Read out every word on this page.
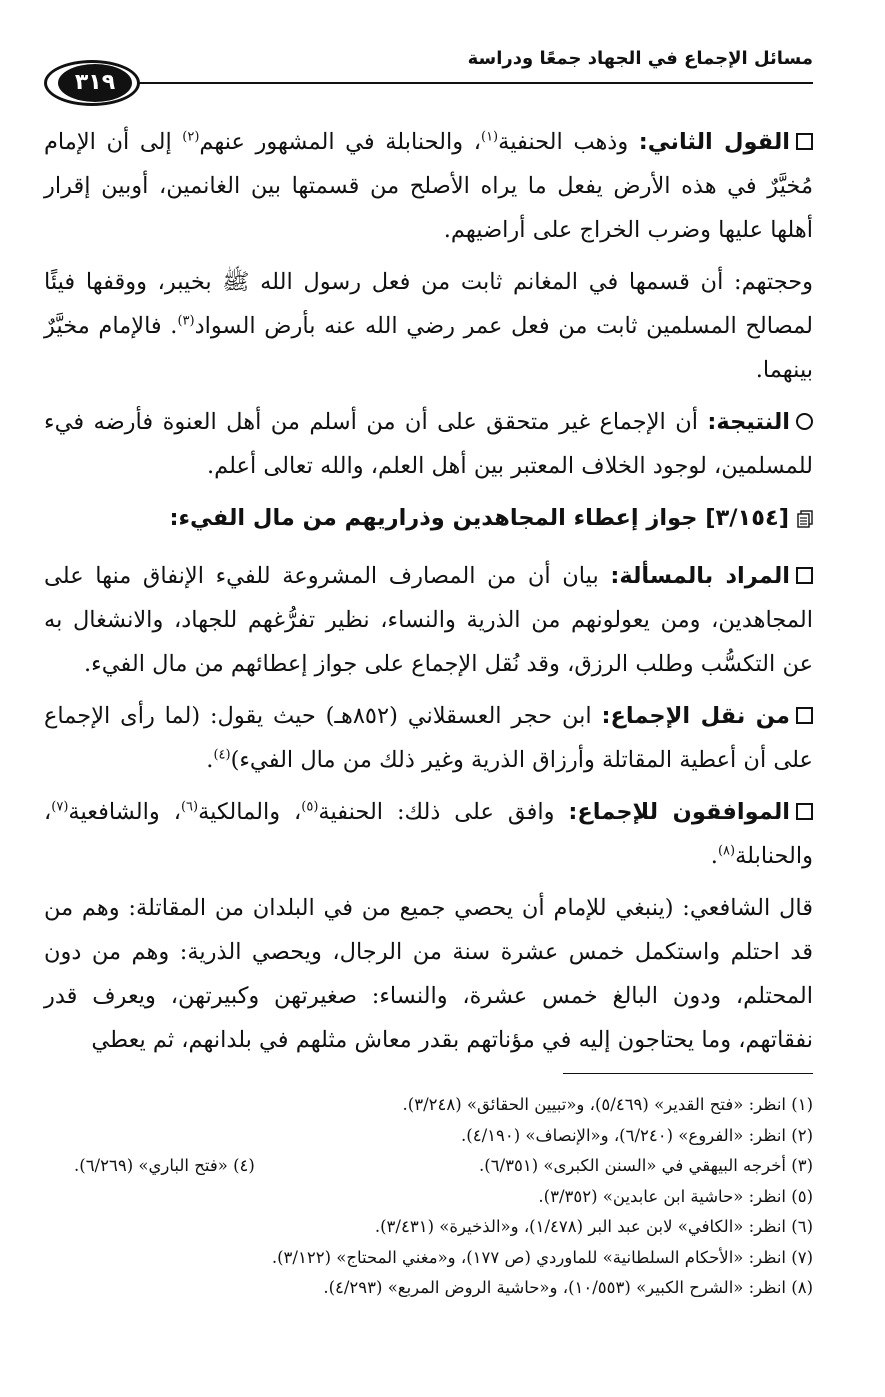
مسائل الإجماع في الجهاد جمعًا ودراسة
٣١٩

القول الثاني: وذهب الحنفية$^{(١)}$، والحنابلة في المشهور عنهم$^{(٢)}$ إلى أن الإمام مُخيَّرٌ في هذه الأرض يفعل ما يراه الأصلح من قسمتها بين الغانمين، أوبين إقرار أهلها عليها وضرب الخراج على أراضيهم.

وحجتهم: أن قسمها في المغانم ثابت من فعل رسول الله ﷺ بخيبر، ووقفها فيئًا لمصالح المسلمين ثابت من فعل عمر رضي الله عنه بأرض السواد$^{(٣)}$. فالإمام مخيَّرٌ بينهما.

النتيجة: أن الإجماع غير متحقق على أن من أسلم من أهل العنوة فأرضه فيء للمسلمين، لوجود الخلاف المعتبر بين أهل العلم، والله تعالى أعلم.

[٣/١٥٤] جواز إعطاء المجاهدين وذراريهم من مال الفيء:

المراد بالمسألة: بيان أن من المصارف المشروعة للفيء الإنفاق منها على المجاهدين، ومن يعولونهم من الذرية والنساء، نظير تفرُّغهم للجهاد، والانشغال به عن التكسُّب وطلب الرزق، وقد نُقل الإجماع على جواز إعطائهم من مال الفيء.

من نقل الإجماع: ابن حجر العسقلاني (٨٥٢هـ) حيث يقول: (لما رأى الإجماع على أن أعطية المقاتلة وأرزاق الذرية وغير ذلك من مال الفيء)$^{(٤)}$.

الموافقون للإجماع: وافق على ذلك: الحنفية$^{(٥)}$، والمالكية$^{(٦)}$، والشافعية$^{(٧)}$، والحنابلة$^{(٨)}$.

قال الشافعي: (ينبغي للإمام أن يحصي جميع من في البلدان من المقاتلة: وهم من قد احتلم واستكمل خمس عشرة سنة من الرجال، ويحصي الذرية: وهم من دون المحتلم، ودون البالغ خمس عشرة، والنساء: صغيرتهن وكبيرتهن، ويعرف قدر نفقاتهم، وما يحتاجون إليه في مؤناتهم بقدر معاش مثلهم في بلدانهم، ثم يعطي

(١) انظر: «فتح القدير» (٥/٤٦٩)، و«تبيين الحقائق» (٣/٢٤٨).
(٢) انظر: «الفروع» (٦/٢٤٠)، و«الإنصاف» (٤/١٩٠).
(٣) أخرجه البيهقي في «السنن الكبرى» (٦/٣٥١).
(٤) «فتح الباري» (٦/٢٦٩).
(٥) انظر: «حاشية ابن عابدين» (٣/٣٥٢).
(٦) انظر: «الكافي» لابن عبد البر (١/٤٧٨)، و«الذخيرة» (٣/٤٣١).
(٧) انظر: «الأحكام السلطانية» للماوردي (ص ١٧٧)، و«مغني المحتاج» (٣/١٢٢).
(٨) انظر: «الشرح الكبير» (١٠/٥٥٣)، و«حاشية الروض المربع» (٤/٢٩٣).
